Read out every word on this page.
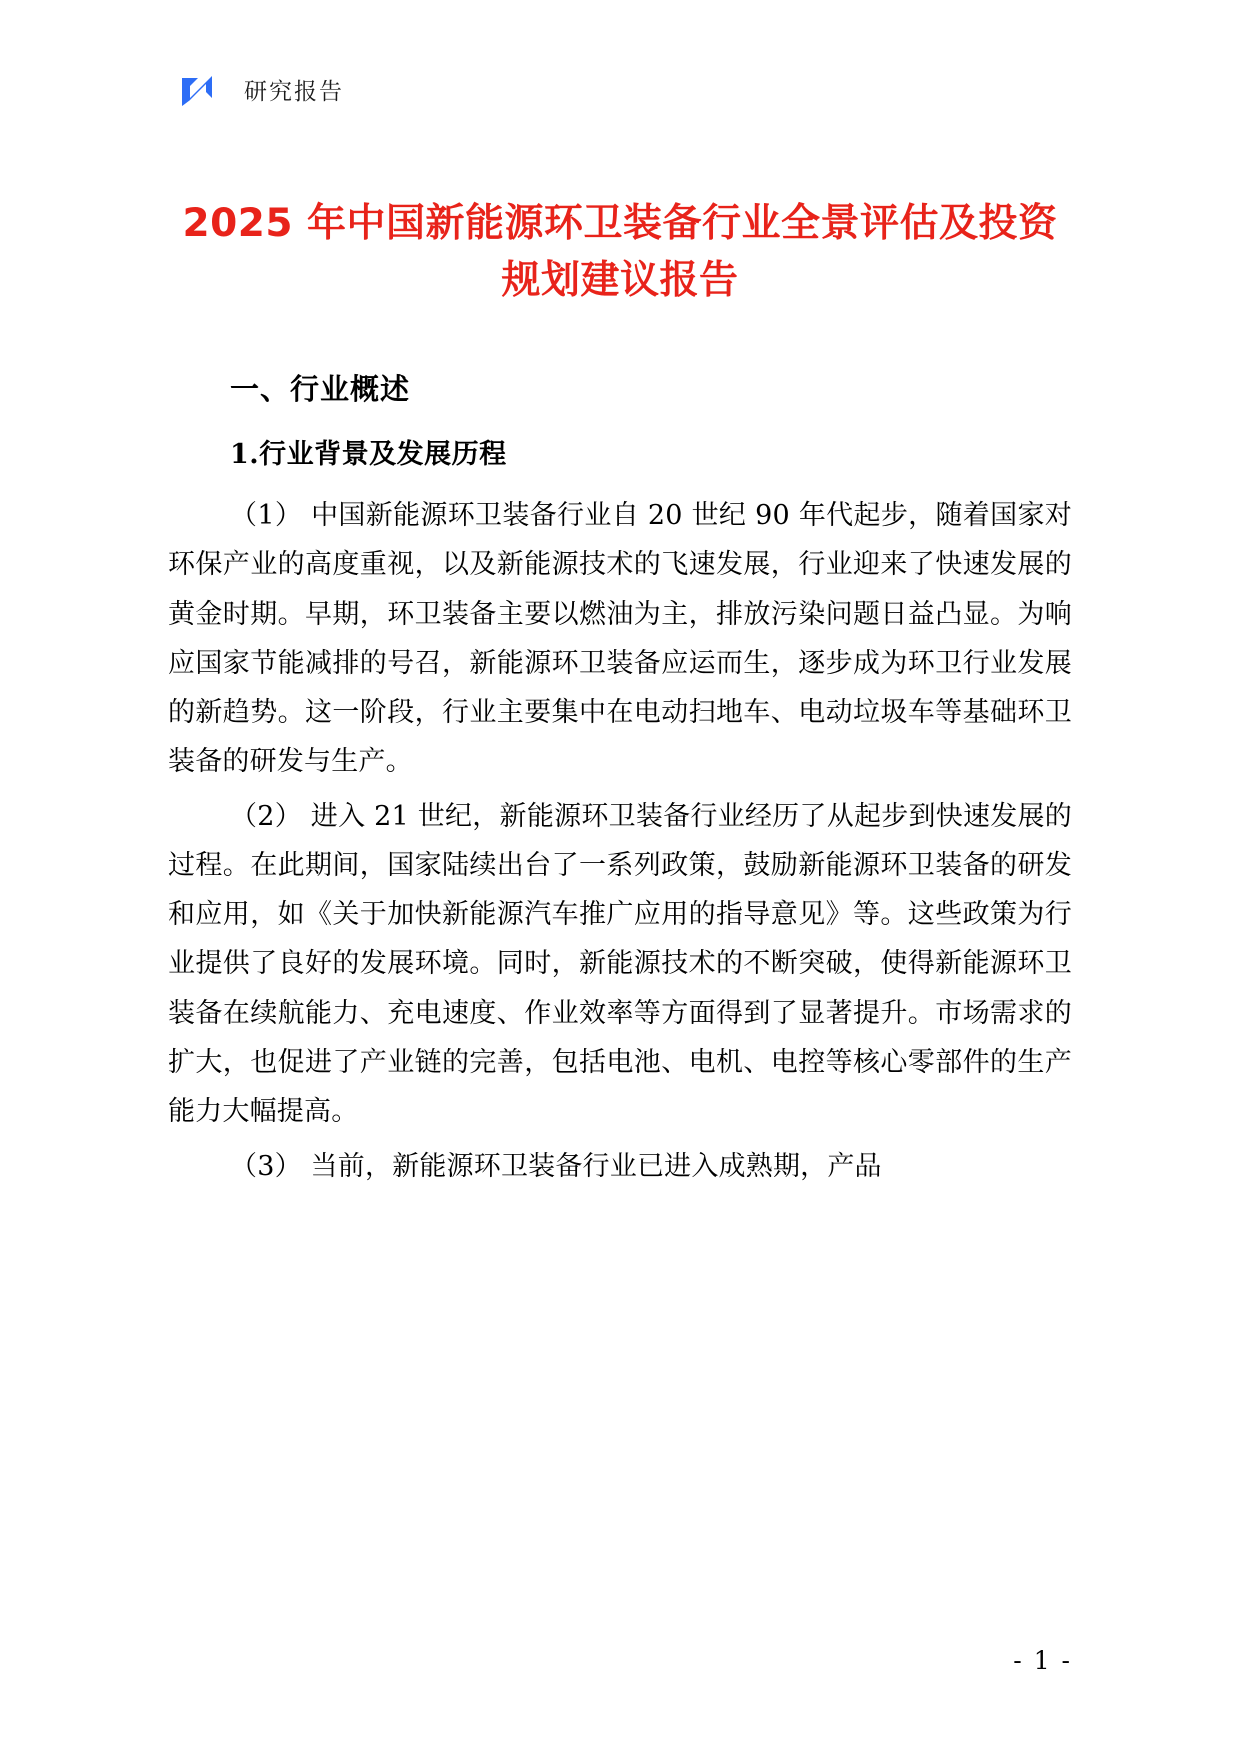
研究报告
2025 年中国新能源环卫装备行业全景评估及投资规划建议报告
一、行业概述
1.行业背景及发展历程

（1） 中国新能源环卫装备行业自 20 世纪 90 年代起步，随着国家对环保产业的高度重视，以及新能源技术的飞速发展，行业迎来了快速发展的黄金时期。早期，环卫装备主要以燃油为主，排放污染问题日益凸显。为响应国家节能减排的号召，新能源环卫装备应运而生，逐步成为环卫行业发展的新趋势。这一阶段，行业主要集中在电动扫地车、电动垃圾车等基础环卫装备的研发与生产。

（2） 进入 21 世纪，新能源环卫装备行业经历了从起步到快速发展的过程。在此期间，国家陆续出台了一系列政策，鼓励新能源环卫装备的研发和应用，如《关于加快新能源汽车推广应用的指导意见》等。这些政策为行业提供了良好的发展环境。同时，新能源技术的不断突破，使得新能源环卫装备在续航能力、充电速度、作业效率等方面得到了显著提升。市场需求的扩大，也促进了产业链的完善，包括电池、电机、电控等核心零部件的生产能力大幅提高。

（3） 当前，新能源环卫装备行业已进入成熟期，产品

- 1 -
